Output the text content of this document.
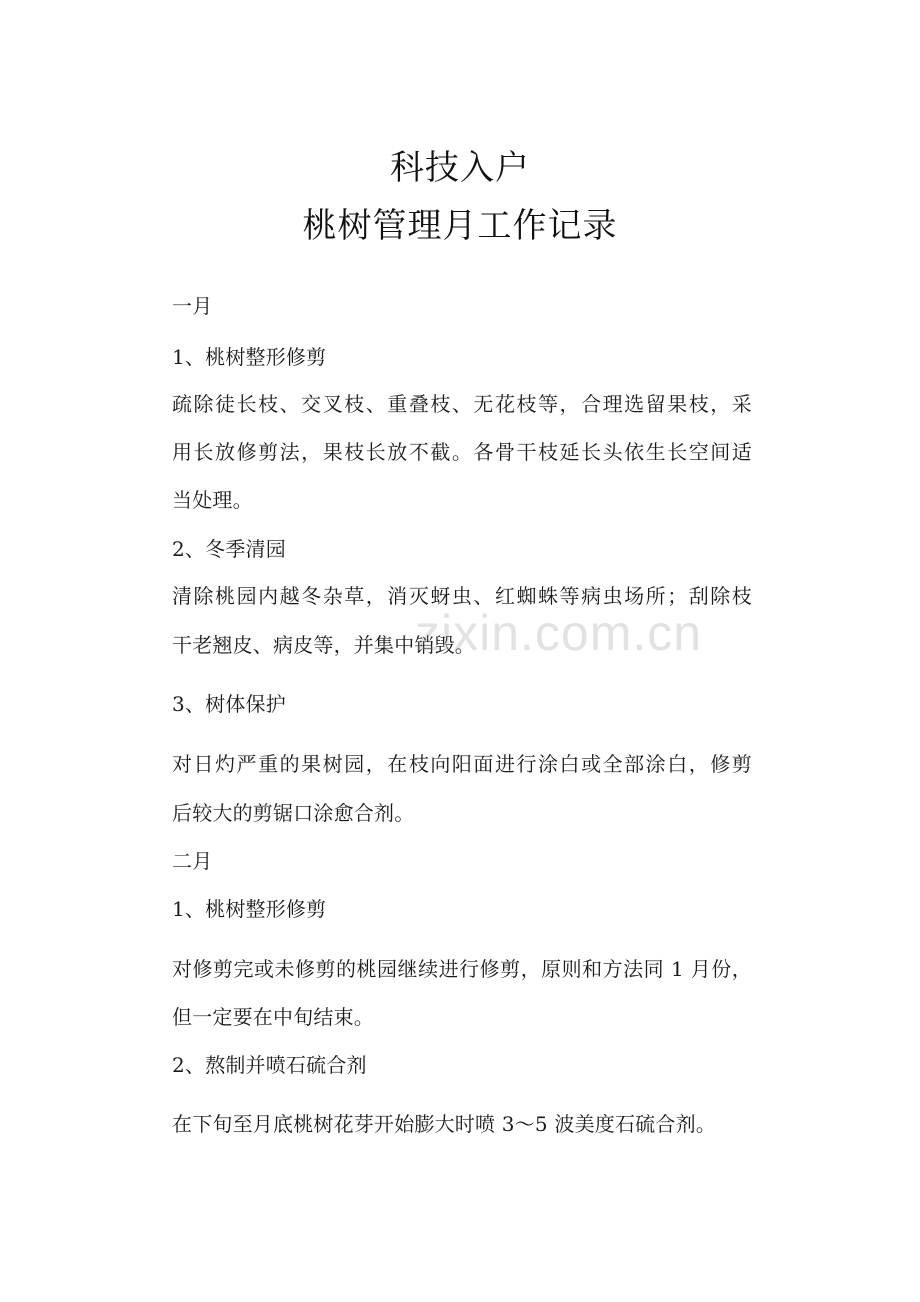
科技入户
桃树管理月工作记录
一月
1、桃树整形修剪
疏除徒长枝、交叉枝、重叠枝、无花枝等，合理选留果枝，采
用长放修剪法，果枝长放不截。各骨干枝延长头依生长空间适
当处理。
2、冬季清园
清除桃园内越冬杂草，消灭蚜虫、红蜘蛛等病虫场所；刮除枝
干老翘皮、病皮等，并集中销毁。
3、树体保护
对日灼严重的果树园，在枝向阳面进行涂白或全部涂白，修剪
后较大的剪锯口涂愈合剂。
二月
1、桃树整形修剪
对修剪完或未修剪的桃园继续进行修剪，原则和方法同 1 月份，
但一定要在中旬结束。
2、熬制并喷石硫合剂
在下旬至月底桃树花芽开始膨大时喷 3～5 波美度石硫合剂。
zixin.com.cn
